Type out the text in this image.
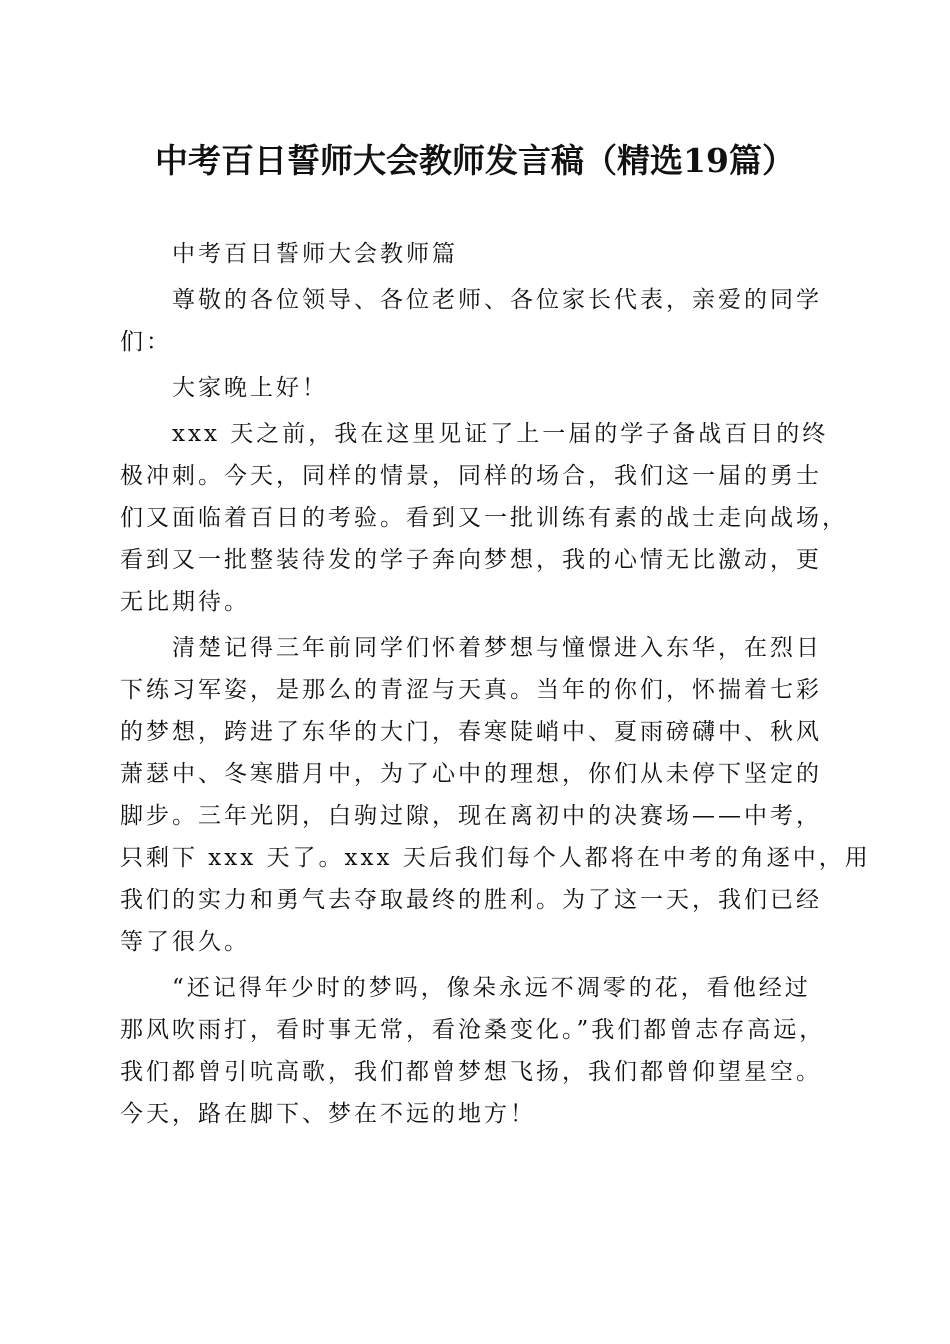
中考百日誓师大会教师发言稿（精选19篇）
中考百日誓师大会教师篇
尊敬的各位领导、各位老师、各位家长代表，亲爱的同学
们：
大家晚上好！
xxx 天之前，我在这里见证了上一届的学子备战百日的终
极冲刺。今天，同样的情景，同样的场合，我们这一届的勇士
们又面临着百日的考验。看到又一批训练有素的战士走向战场，
看到又一批整装待发的学子奔向梦想，我的心情无比激动，更
无比期待。
清楚记得三年前同学们怀着梦想与憧憬进入东华，在烈日
下练习军姿，是那么的青涩与天真。当年的你们，怀揣着七彩
的梦想，跨进了东华的大门，春寒陡峭中、夏雨磅礴中、秋风
萧瑟中、冬寒腊月中，为了心中的理想，你们从未停下坚定的
脚步。三年光阴，白驹过隙，现在离初中的决赛场——中考，
只剩下 xxx 天了。xxx 天后我们每个人都将在中考的角逐中，用
我们的实力和勇气去夺取最终的胜利。为了这一天，我们已经
等了很久。
“还记得年少时的梦吗，像朵永远不凋零的花，看他经过
那风吹雨打，看时事无常，看沧桑变化。”我们都曾志存高远，
我们都曾引吭高歌，我们都曾梦想飞扬，我们都曾仰望星空。
今天，路在脚下、梦在不远的地方！
